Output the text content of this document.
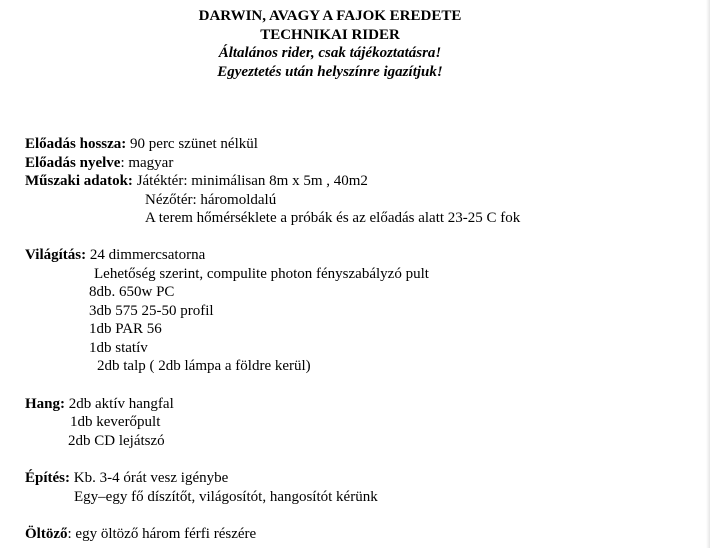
DARWIN, AVAGY A FAJOK EREDETE
TECHNIKAI RIDER
Általános rider, csak tájékoztatásra!
Egyeztetés után helyszínre igazítjuk!
Előadás hossza: 90 perc szünet nélkül
Előadás nyelve: magyar
Műszaki adatok: Játéktér: minimálisan 8m x 5m , 40m2
Nézőtér: háromoldalú
A terem hőmérséklete a próbák és az előadás alatt 23-25 C fok
Világítás: 24 dimmercsatorna
Lehetőség szerint, compulite photon fényszabályzó pult
8db. 650w PC
3db 575 25-50 profil
1db PAR 56
1db statív
2db talp ( 2db lámpa a földre kerül)
Hang: 2db aktív hangfal
1db keverőpult
2db CD lejátszó
Építés: Kb. 3-4 órát vesz igénybe
Egy–egy fő díszítőt, világosítót, hangosítót kérünk
Öltöző: egy öltöző három férfi részére
